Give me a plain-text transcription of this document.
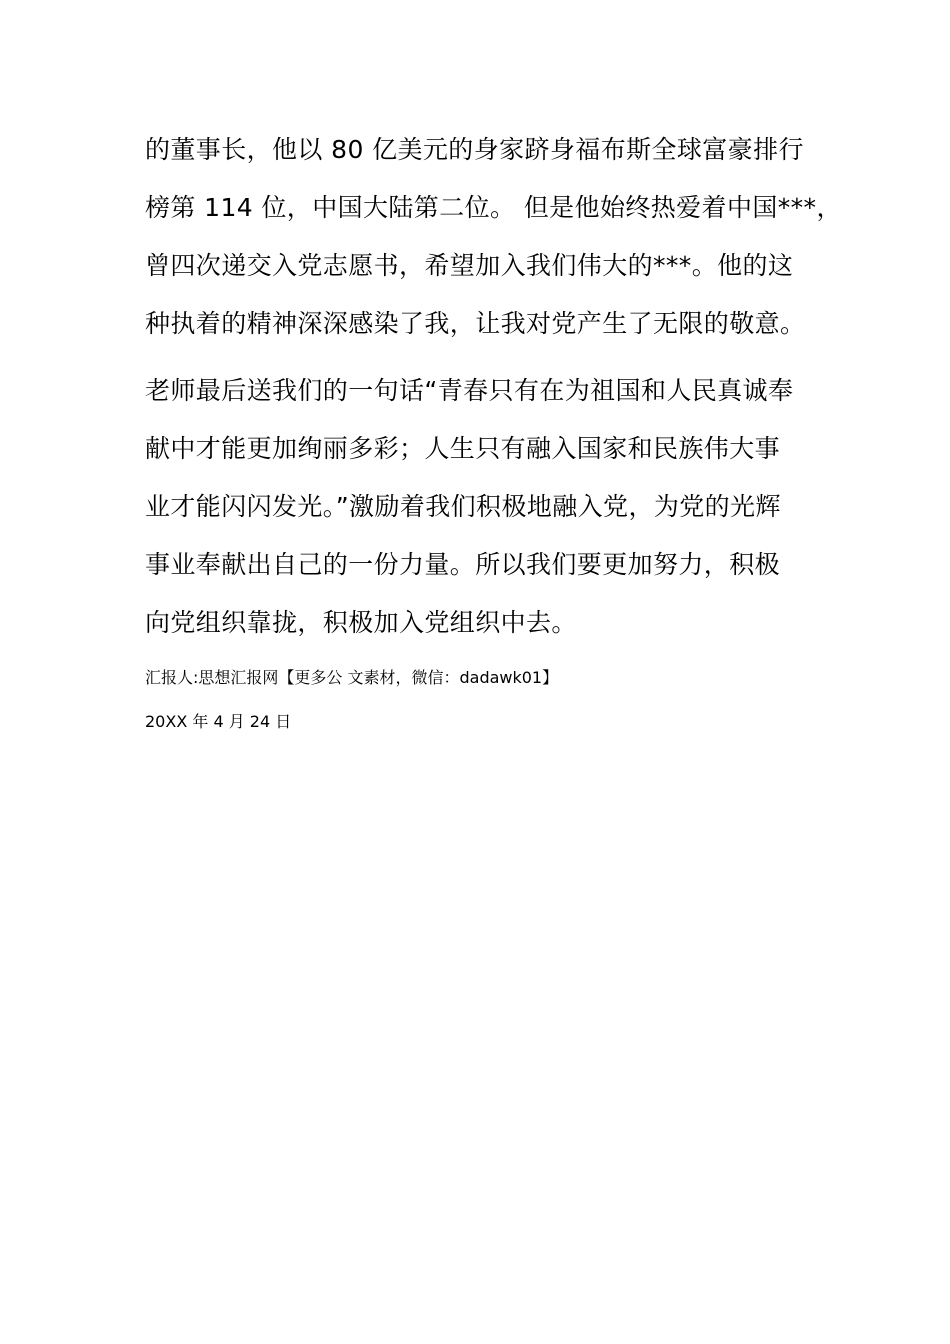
的董事长，他以 80 亿美元的身家跻身福布斯全球富豪排行
榜第 114 位，中国大陆第二位。 但是他始终热爱着中国***，
曾四次递交入党志愿书，希望加入我们伟大的***。他的这
种执着的精神深深感染了我，让我对党产生了无限的敬意。
老师最后送我们的一句话“青春只有在为祖国和人民真诚奉
献中才能更加绚丽多彩；人生只有融入国家和民族伟大事
业才能闪闪发光。”激励着我们积极地融入党，为党的光辉
事业奉献出自己的一份力量。所以我们要更加努力，积极
向党组织靠拢，积极加入党组织中去。
汇报人:思想汇报网【更多公 文素材，微信：dadawk01】
20XX 年 4 月 24 日
